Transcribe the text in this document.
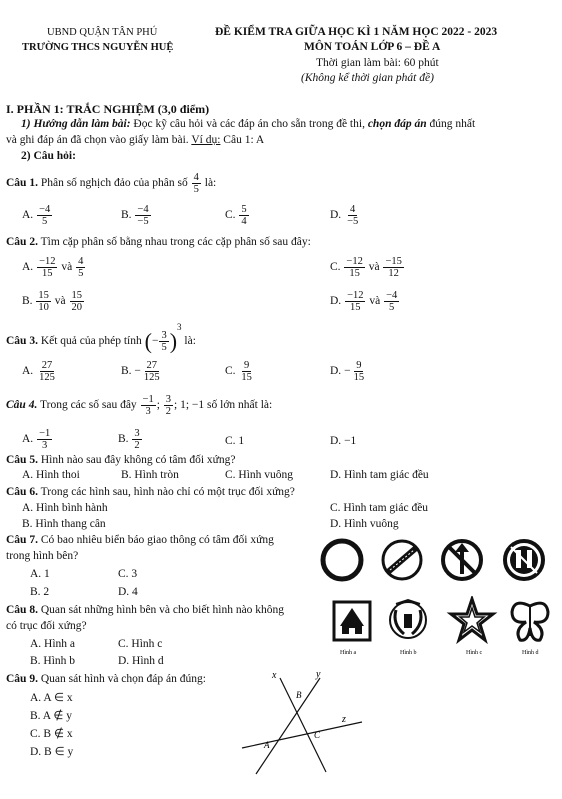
UBND QUẬN TÂN PHÚ
TRƯỜNG THCS NGUYỄN HUỆ
ĐỀ KIỂM TRA GIỮA HỌC KÌ 1 NĂM HỌC 2022 - 2023
MÔN TOÁN LỚP 6 – ĐỀ A
Thời gian làm bài: 60 phút
(Không kể thời gian phát đề)
I. PHẦN 1: TRẮC NGHIỆM (3,0 điểm)
1) Hướng dẫn làm bài: Đọc kỹ câu hỏi và các đáp án cho sẵn trong đề thi, chọn đáp án đúng nhất
và ghi đáp án đã chọn vào giấy làm bài. Ví dụ: Câu 1: A
2) Câu hỏi:
Câu 1. Phân số nghịch đảo của phân số $\frac{4}{5}$ là:
A. $\frac{-4}{5}$	B. $\frac{-4}{-5}$	C. $\frac{5}{4}$	D. $\frac{4}{-5}$
Câu 2. Tìm cặp phân số bằng nhau trong các cặp phân số sau đây:
A. $\frac{-12}{15}$ và $\frac{4}{5}$	C. $\frac{-12}{15}$ và $\frac{-15}{12}$
B. $\frac{15}{10}$ và $\frac{15}{20}$	D. $\frac{-12}{15}$ và $\frac{-4}{5}$
Câu 3. Kết quả của phép tính (− $\frac{3}{5} )^3$ là:
A. $\frac{27}{125}$	B. − $\frac{27}{125}$	C. $\frac{9}{15}$	D. − $\frac{9}{15}$
Câu 4. Trong các số sau đây $\frac{-1}{3}$ ; $\frac{3}{2}$ ; 1; −1 số lớn nhất là:
A. $\frac{-1}{3}$	B. $\frac{3}{2}$	C. 1	D. −1
Câu 5. Hình nào sau đây không có tâm đối xứng?
A. Hình thoi	B. Hình tròn	C. Hình vuông	D. Hình tam giác đều
Câu 6. Trong các hình sau, hình nào chỉ có một trục đối xứng?
A. Hình bình hành	C. Hình tam giác đều
B. Hình thang cân	D. Hình vuông
Câu 7. Có bao nhiêu biển báo giao thông có tâm đối xứng
trong hình bên?
A. 1	C. 3
B. 2	D. 4
Câu 8. Quan sát những hình bên và cho biết hình nào không
có trục đối xứng?
A. Hình a	C. Hình c
B. Hình b	D. Hình d
Hình a	Hình b	Hình c	Hình d
Câu 9. Quan sát hình và chọn đáp án đúng:
A. A ∈ x
B. A ∉ y
C. B ∉ x
D. B ∈ y
x	y
z
B
A
C
